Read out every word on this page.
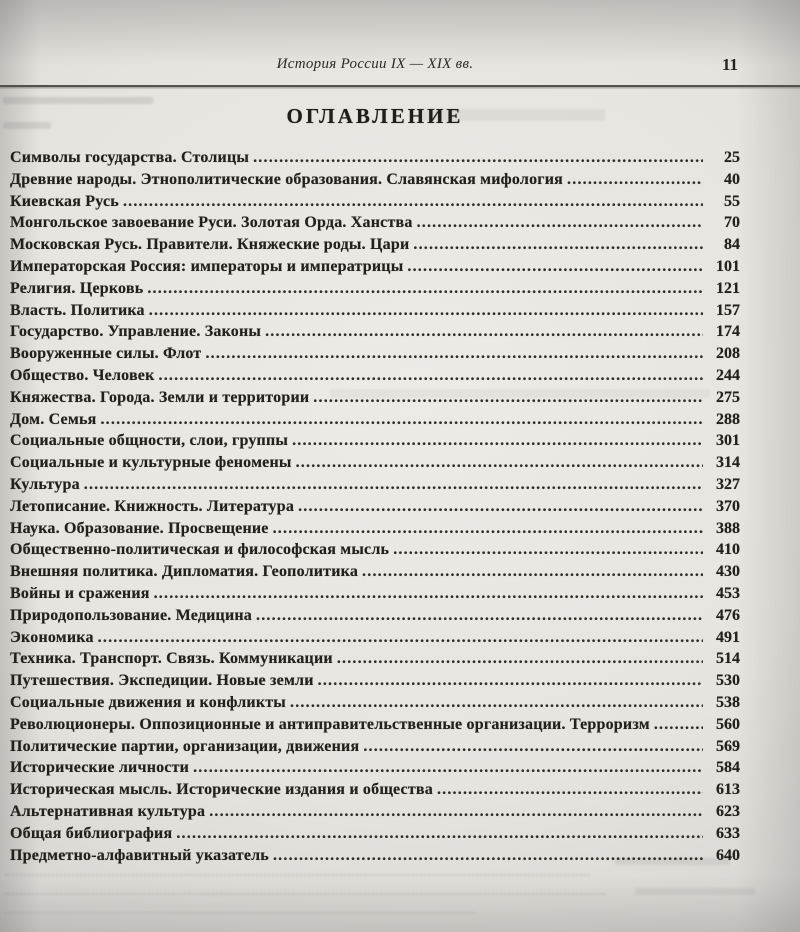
История России IX — XIX вв.	11
ОГЛАВЛЕНИЕ
Символы государства. Столицы .....	25
Древние народы. Этнополитические образования. Славянская мифология .....	40
Киевская Русь .....	55
Монгольское завоевание Руси. Золотая Орда. Ханства .....	70
Московская Русь. Правители. Княжеские роды. Цари .....	84
Императорская Россия: императоры и императрицы .....	101
Религия. Церковь .....	121
Власть. Политика .....	157
Государство. Управление. Законы .....	174
Вооруженные силы. Флот .....	208
Общество. Человек .....	244
Княжества. Города. Земли и территории .....	275
Дом. Семья .....	288
Социальные общности, слои, группы .....	301
Социальные и культурные феномены .....	314
Культура .....	327
Летописание. Книжность. Литература .....	370
Наука. Образование. Просвещение .....	388
Общественно-политическая и философская мысль .....	410
Внешняя политика. Дипломатия. Геополитика .....	430
Войны и сражения .....	453
Природопользование. Медицина .....	476
Экономика .....	491
Техника. Транспорт. Связь. Коммуникации .....	514
Путешествия. Экспедиции. Новые земли .....	530
Социальные движения и конфликты .....	538
Революционеры. Оппозиционные и антиправительственные организации. Терроризм .....	560
Политические партии, организации, движения .....	569
Исторические личности .....	584
Историческая мысль. Исторические издания и общества .....	613
Альтернативная культура .....	623
Общая библиография .....	633
Предметно-алфавитный указатель .....	640
